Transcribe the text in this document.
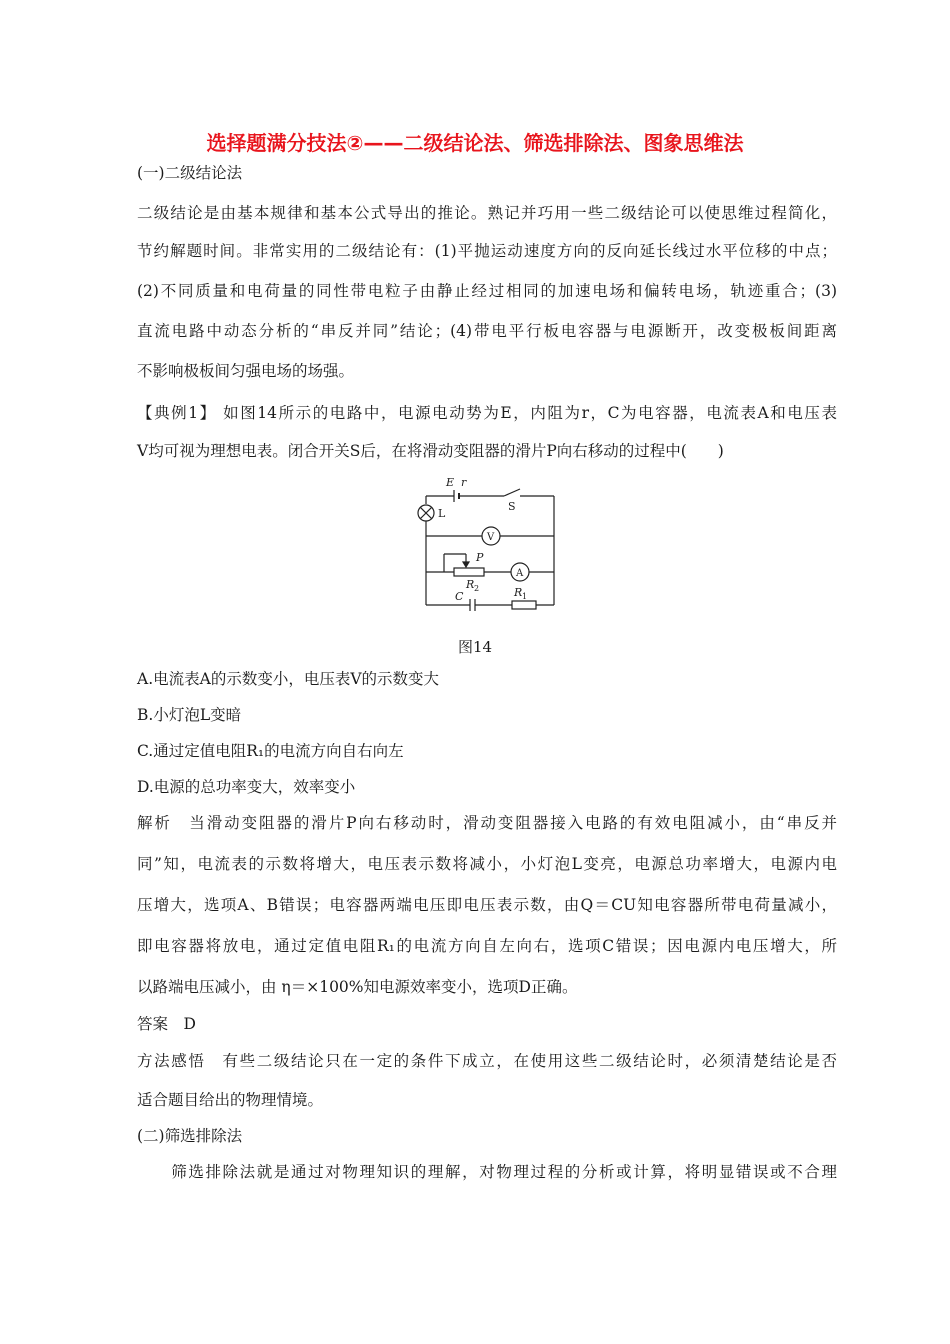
选择题满分技法②——二级结论法、筛选排除法、图象思维法
(一)二级结论法
二级结论是由基本规律和基本公式导出的推论。熟记并巧用一些二级结论可以使思维过程简化，
节约解题时间。非常实用的二级结论有：(1)平抛运动速度方向的反向延长线过水平位移的中点；
(2)不同质量和电荷量的同性带电粒子由静止经过相同的加速电场和偏转电场，轨迹重合；(3)
直流电路中动态分析的“串反并同”结论；(4)带电平行板电容器与电源断开，改变极板间距离
不影响极板间匀强电场的场强。
【典例1】 如图14所示的电路中，电源电动势为E，内阻为r，C为电容器，电流表A和电压表
V均可视为理想电表。闭合开关S后，在将滑动变阻器的滑片P向右移动的过程中(　　)
E r
S
L
V
A
P
R 2
C	R 1
图14
A.电流表A的示数变小，电压表V的示数变大
B.小灯泡L变暗
C.通过定值电阻R₁的电流方向自右向左
D.电源的总功率变大，效率变小
解析　当滑动变阻器的滑片P向右移动时，滑动变阻器接入电路的有效电阻减小，由“串反并
同”知，电流表的示数将增大，电压表示数将减小，小灯泡L变亮，电源总功率增大，电源内电
压增大，选项A、B错误；电容器两端电压即电压表示数，由Q＝CU知电容器所带电荷量减小，
即电容器将放电，通过定值电阻R₁的电流方向自左向右，选项C错误；因电源内电压增大，所
以路端电压减小，由 η＝×100%知电源效率变小，选项D正确。
答案　D
方法感悟　有些二级结论只在一定的条件下成立，在使用这些二级结论时，必须清楚结论是否
适合题目给出的物理情境。
(二)筛选排除法
　　筛选排除法就是通过对物理知识的理解，对物理过程的分析或计算，将明显错误或不合理
